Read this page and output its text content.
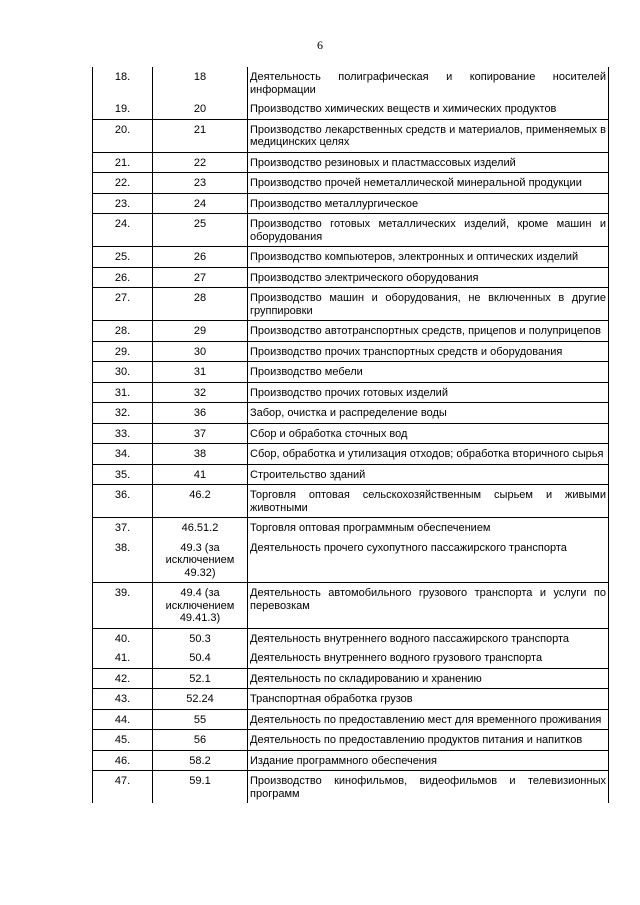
6
18.	18	Деятельность полиграфическая и копирование носителей информации
19.	20	Производство химических веществ и химических продуктов
20.	21	Производство лекарственных средств и материалов, применяемых в медицинских целях
21.	22	Производство резиновых и пластмассовых изделий
22.	23	Производство прочей неметаллической минеральной продукции
23.	24	Производство металлургическое
24.	25	Производство готовых металлических изделий, кроме машин и оборудования
25.	26	Производство компьютеров, электронных и оптических изделий
26.	27	Производство электрического оборудования
27.	28	Производство машин и оборудования, не включенных в другие группировки
28.	29	Производство автотранспортных средств, прицепов и полуприцепов
29.	30	Производство прочих транспортных средств и оборудования
30.	31	Производство мебели
31.	32	Производство прочих готовых изделий
32.	36	Забор, очистка и распределение воды
33.	37	Сбор и обработка сточных вод
34.	38	Сбор, обработка и утилизация отходов; обработка вторичного сырья
35.	41	Строительство зданий
36.	46.2	Торговля оптовая сельскохозяйственным сырьем и живыми животными
37.	46.51.2	Торговля оптовая программным обеспечением
38.	49.3 (за исключением 49.32)	Деятельность прочего сухопутного пассажирского транспорта
39.	49.4 (за исключением 49.41.3)	Деятельность автомобильного грузового транспорта и услуги по перевозкам
40.	50.3	Деятельность внутреннего водного пассажирского транспорта
41.	50.4	Деятельность внутреннего водного грузового транспорта
42.	52.1	Деятельность по складированию и хранению
43.	52.24	Транспортная обработка грузов
44.	55	Деятельность по предоставлению мест для временного проживания
45.	56	Деятельность по предоставлению продуктов питания и напитков
46.	58.2	Издание программного обеспечения
47.	59.1	Производство кинофильмов, видеофильмов и телевизионных программ
